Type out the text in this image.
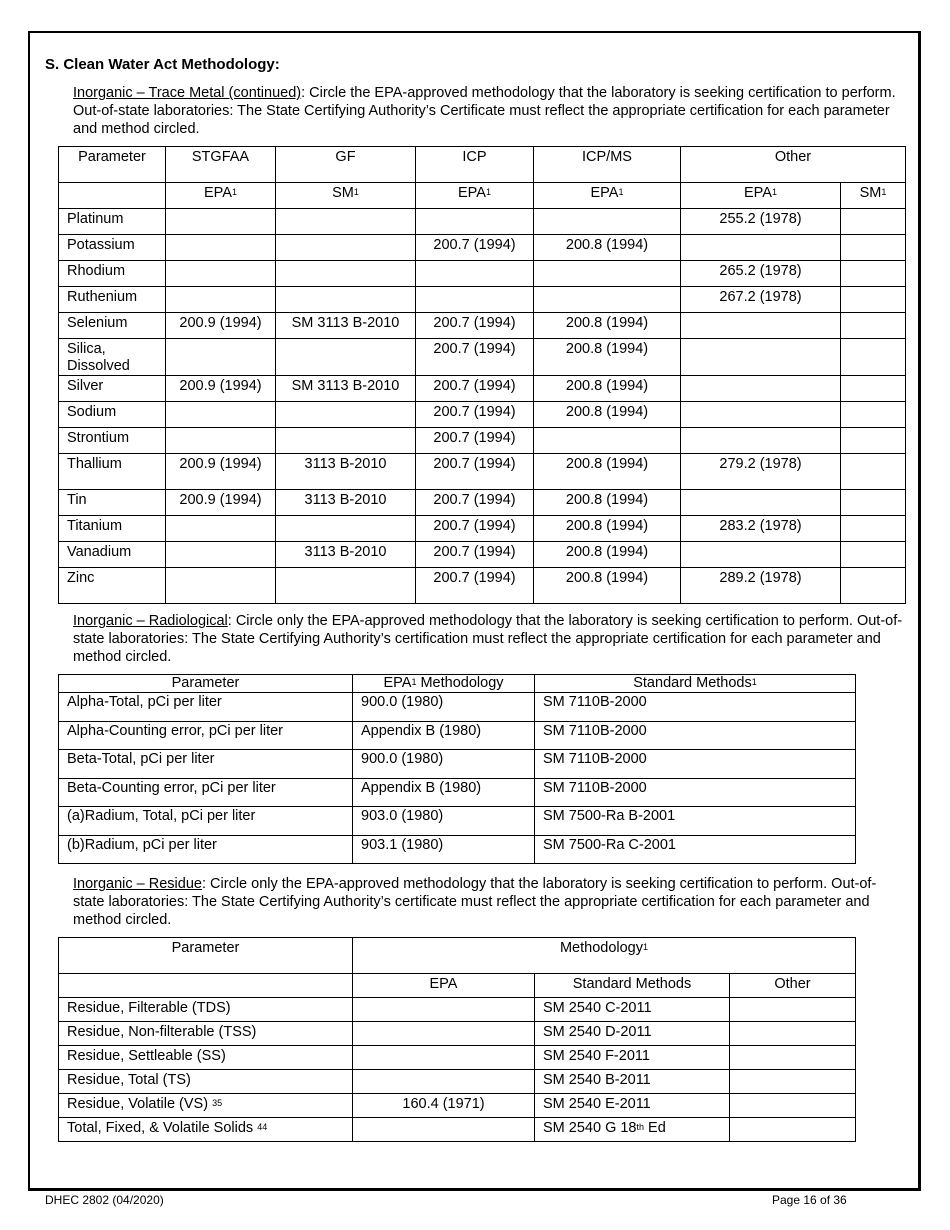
S. Clean Water Act Methodology:
Inorganic – Trace Metal (continued): Circle the EPA-approved methodology that the laboratory is seeking certification to perform. Out-of-state laboratories: The State Certifying Authority’s Certificate must reflect the appropriate certification for each parameter and method circled.
Parameter	STGFAA	GF	ICP	ICP/MS	Other	
	EPA$^1$	$SM^1$	EPA$^1$	EPA$^1$	EPA$^1$	$SM^1$
Platinum					255.2 (1978)	
Potassium			200.7 (1994)	200.8 (1994)		
Rhodium					265.2 (1978)	
Ruthenium					267.2 (1978)	
Selenium	200.9 (1994)	SM 3113 B-2010	200.7 (1994)	200.8 (1994)		
Silica, Dissolved			200.7 (1994)	200.8 (1994)		
Silver	200.9 (1994)	SM 3113 B-2010	200.7 (1994)	200.8 (1994)		
Sodium			200.7 (1994)	200.8 (1994)		
Strontium			200.7 (1994)			
Thallium	200.9 (1994)	3113 B-2010	200.7 (1994)	200.8 (1994)	279.2 (1978)	
Tin	200.9 (1994)	3113 B-2010	200.7 (1994)	200.8 (1994)		
Titanium			200.7 (1994)	200.8 (1994)	283.2 (1978)	
Vanadium		3113 B-2010	200.7 (1994)	200.8 (1994)		
Zinc			200.7 (1994)	200.8 (1994)	289.2 (1978)	
Inorganic – Radiological: Circle only the EPA-approved methodology that the laboratory is seeking certification to perform. Out-of-state laboratories: The State Certifying Authority’s certification must reflect the appropriate certification for each parameter and method circled.
Parameter	EPA$^1$ Methodology	Standard Methods$^1$
Alpha-Total, pCi per liter	900.0 (1980)	SM 7110B-2000
Alpha-Counting error, pCi per liter	Appendix B (1980)	SM 7110B-2000
Beta-Total, pCi per liter	900.0 (1980)	SM 7110B-2000
Beta-Counting error, pCi per liter	Appendix B (1980)	SM 7110B-2000
(a)Radium, Total, pCi per liter	903.0 (1980)	SM 7500-Ra B-2001
(b)Radium, pCi per liter	903.1 (1980)	SM 7500-Ra C-2001
Inorganic – Residue: Circle only the EPA-approved methodology that the laboratory is seeking certification to perform. Out-of-state laboratories: The State Certifying Authority’s certificate must reflect the appropriate certification for each parameter and method circled.
Parameter	Methodology$^1$
	EPA	Standard Methods	Other
Residue, Filterable (TDS)		SM 2540 C-2011	
Residue, Non-filterable (TSS)		SM 2540 D-2011	
Residue, Settleable (SS)		SM 2540 F-2011	
Residue, Total (TS)		SM 2540 B-2011	
Residue, Volatile (VS) $^{35}$	160.4 (1971)	SM 2540 E-2011	
Total, Fixed, & Volatile Solids $^{44}$		SM 2540 G 18th Ed	
DHEC 2802 (04/2020)	Page 16 of 36
